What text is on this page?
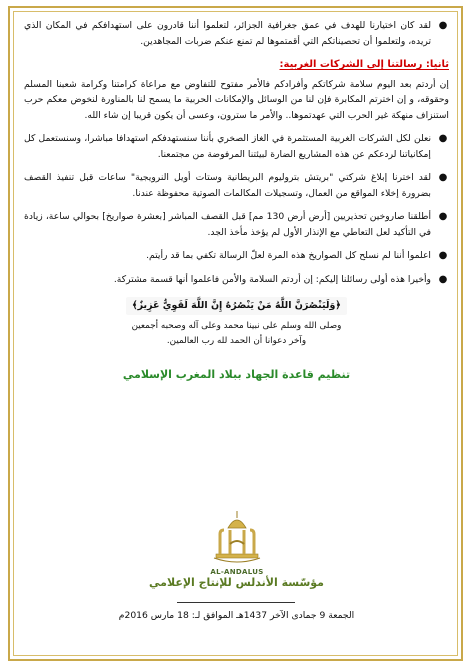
●
لقد كان اختيارنا للهدف في عمق جغرافية الجزائر، لتعلموا أننا قادرون على استهدافكم في المكان الذي تريده، ولتعلموا أن تحصيناتكم التي أقمتموها لم تمنع عنكم ضربات المجاهدين.
ثانيا: رسالتنا إلى الشركات الغربية:

إن أردتم بعد اليوم سلامة شركاتكم وأفرادكم فالأمر مفتوح للتفاوض مع مراعاة كرامتنا وكرامة شعبنا المسلم وحقوقه، و إن اخترتم المكابرة فإن لنا من الوسائل والإمكانات الحربية ما يسمح لنا بالمناورة لنخوض معكم حرب استنزاف منهكة غير الحرب التي عهدتموها.. والأمر ما سترون، وعسى أن يكون قريبا إن شاء الله.

●
نعلن لكل الشركات الغربية المستثمرة في الغاز الصخري بأننا سنستهدفكم استهدافا مباشرا، وسنستعمل كل إمكانياتنا لردعكم عن هذه المشاريع الضارة لبيئتنا المرفوضة من مجتمعنا.
●
لقد اخترنا إبلاغ شركتي "بريتش بتروليوم البريطانية وستات أويل النرويجية" ساعات قبل تنفيذ القصف بضرورة إخلاء المواقع من العمال، وتسجيلات المكالمات الصوتية محفوظة عندنا.
●
أطلقنا صاروخين تحذيريين [أرض أرض 130 مم] قبل القصف المباشر [بعشرة صواريخ] بحوالي ساعة، زيادة في التأكيد لعل التعاطي مع الإنذار الأول لم يؤخذ مأخذ الجد.
●
اعلموا أننا لم نسلح كل الصواريخ هذه المرة لعلّ الرسالة تكفي بما قد رأيتم.
●
وأخيرا هذه أولى رسائلنا إليكم: إن أردتم السلامة والأمن فاعلموا أنها قسمة مشتركة.
﴿وَلَيَنْصُرَنَّ اللَّهُ مَنْ يَنْصُرُهُ إِنَّ اللَّهَ لَقَوِيٌّ عَزِيزٌ﴾
وصلى الله وسلم على نبينا محمد وعلى آله وصحبه أجمعين
وآخر دعوانا أن الحمد لله رب العالمين.
تنظيم قاعدة الجهاد ببلاد المغرب الإسلامي
AL-ANDALUS
مؤسّسة الأندلس للإنتاج الإعلامي
الجمعة 9 جمادى الآخر 1437هـ الموافق لـ: 18 مارس 2016م
